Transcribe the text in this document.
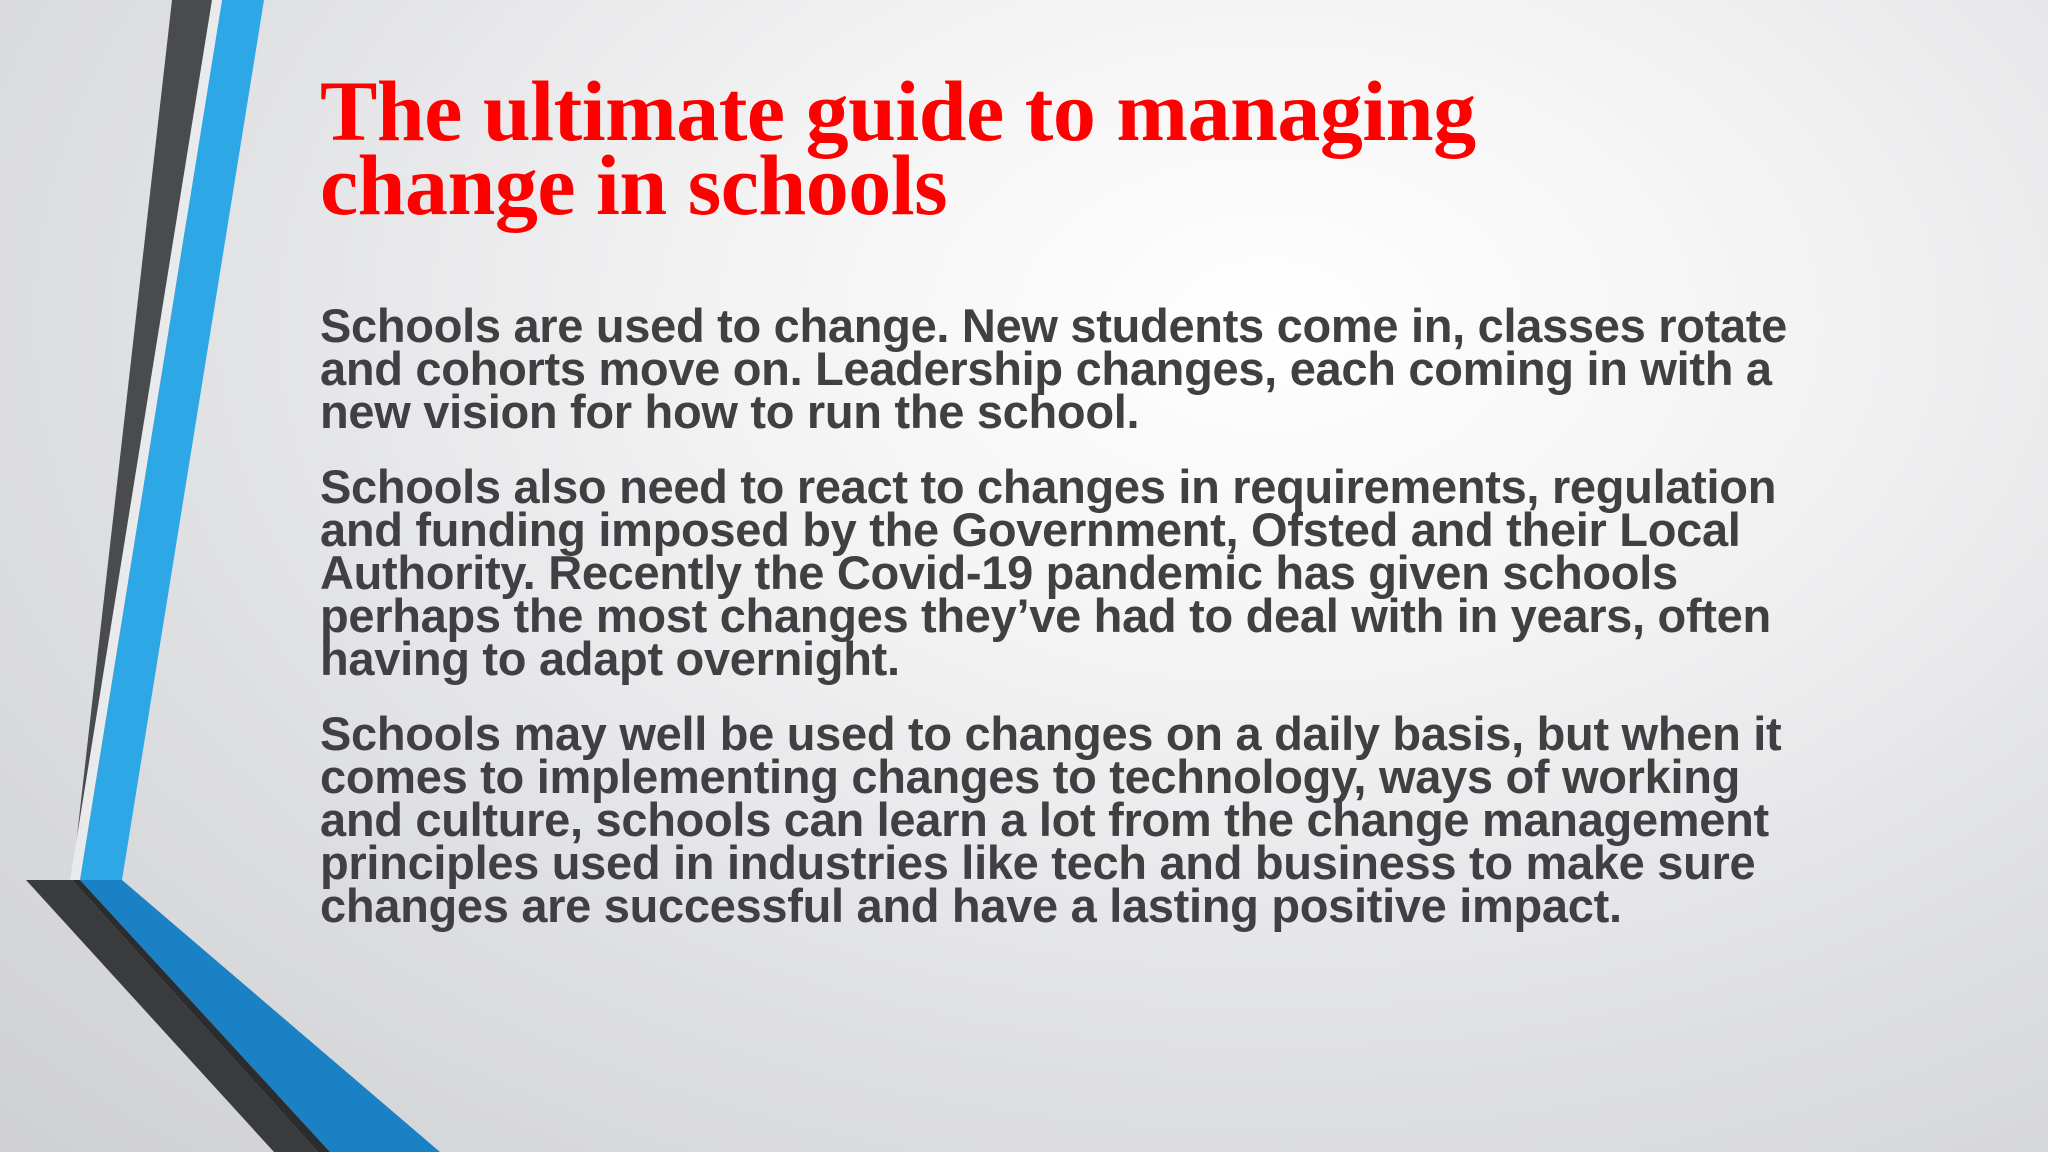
The ultimate guide to managing
change in schools

Schools are used to change. New students come in, classes rotate and cohorts move on. Leadership changes, each coming in with a new vision for how to run the school.

Schools also need to react to changes in requirements, regulation and funding imposed by the Government, Ofsted and their Local Authority. Recently the Covid-19 pandemic has given schools perhaps the most changes they’ve had to deal with in years, often having to adapt overnight.

Schools may well be used to changes on a daily basis, but when it comes to implementing changes to technology, ways of working and culture, schools can learn a lot from the change management principles used in industries like tech and business to make sure changes are successful and have a lasting positive impact.
